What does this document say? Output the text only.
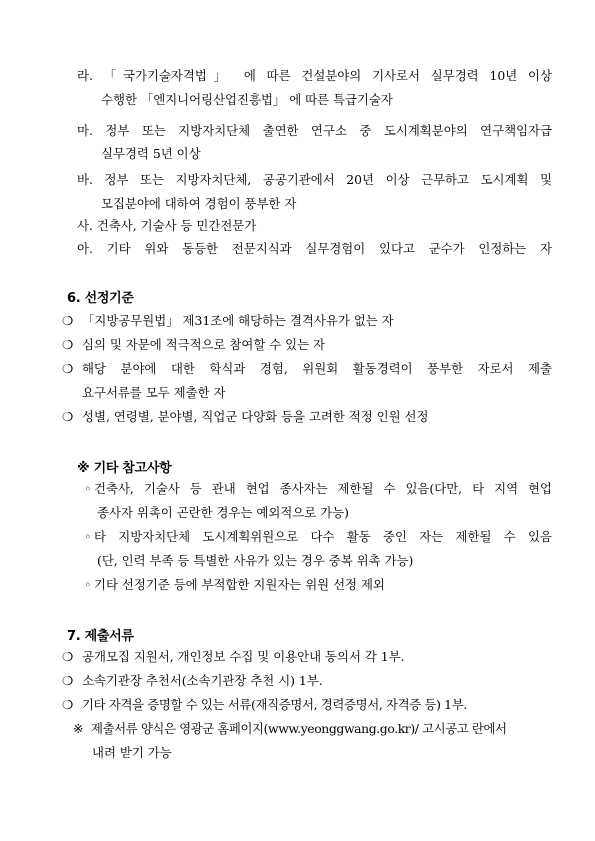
라. 「국가기술자격법」 에 따른 건설분야의 기사로서 실무경력 10년 이상
수행한 「엔지니어링산업진흥법」 에 따른 특급기술자
마. 정부 또는 지방자치단체 출연한 연구소 중 도시계획분야의 연구책임자급
실무경력 5년 이상
바. 정부 또는 지방자치단체, 공공기관에서 20년 이상 근무하고 도시계획 및
모집분야에 대하여 경험이 풍부한 자
사. 건축사, 기술사 등 민간전문가
아. 기타 위와 동등한 전문지식과 실무경험이 있다고 군수가 인정하는 자
6. 선정기준
❍ 「지방공무원법」 제31조에 해당하는 결격사유가 없는 자
❍ 심의 및 자문에 적극적으로 참여할 수 있는 자
❍ 해당 분야에 대한 학식과 경험, 위원회 활동경력이 풍부한 자로서 제출
요구서류를 모두 제출한 자
❍ 성별, 연령별, 분야별, 직업군 다양화 등을 고려한 적정 인원 선정
※ 기타 참고사항
◦ 건축사, 기술사 등 관내 현업 종사자는 제한될 수 있음(다만, 타 지역 현업
종사자 위촉이 곤란한 경우는 예외적으로 가능)
◦ 타 지방자치단체 도시계획위원으로 다수 활동 중인 자는 제한될 수 있음
(단, 인력 부족 등 특별한 사유가 있는 경우 중복 위촉 가능)
◦ 기타 선정기준 등에 부적합한 지원자는 위원 선정 제외
7. 제출서류
❍ 공개모집 지원서, 개인정보 수집 및 이용안내 동의서 각 1부.
❍ 소속기관장 추천서(소속기관장 추천 시) 1부.
❍ 기타 자격을 증명할 수 있는 서류(재직증명서, 경력증명서, 자격증 등) 1부.
※ 제출서류 양식은 영광군 홈페이지(www.yeonggwang.go.kr)/ 고시공고 란에서
내려 받기 가능
